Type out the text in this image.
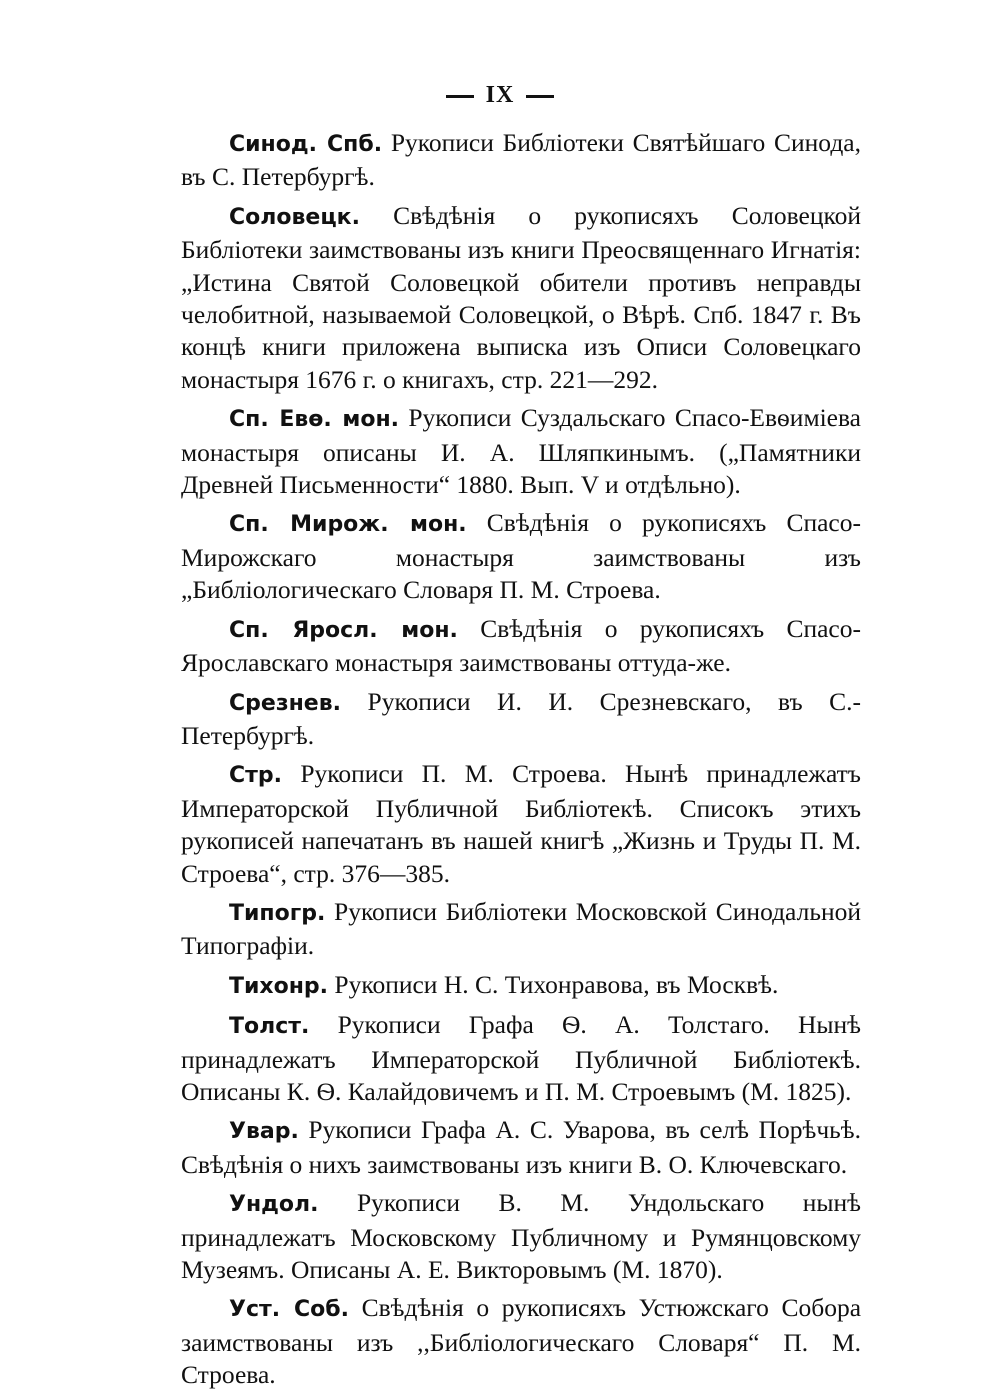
IX

Синод. Спб. Рукописи Библіотеки Святѣйшаго Синода, въ С. Петербургѣ.

Соловецк. Свѣдѣнія о рукописяхъ Соловецкой Библіотеки заимствованы изъ книги Преосвященнаго Игнатія: „Истина Святой Соловецкой обители противъ неправды челобитной, называемой Соловецкой, о Вѣрѣ. Спб. 1847 г. Въ концѣ книги приложена выписка изъ Описи Соловецкаго монастыря 1676 г. о книгахъ, стр. 221—292.

Сп. Евѳ. мон. Рукописи Суздальскаго Спасо-Евѳиміева монастыря описаны И. А. Шляпкинымъ. („Памятники Древней Письменности“ 1880. Вып. V и отдѣльно).

Сп. Мирож. мон. Свѣдѣнія о рукописяхъ Спасо-Мирожскаго монастыря заимствованы изъ „Библіологическаго Словаря П. М. Строева.

Сп. Яросл. мон. Свѣдѣнія о рукописяхъ Спасо-Ярославскаго монастыря заимствованы оттуда-же.

Срезнев. Рукописи И. И. Срезневскаго, въ С.-Петербургѣ.

Стр. Рукописи П. М. Строева. Нынѣ принадлежатъ Императорской Публичной Библіотекѣ. Списокъ этихъ рукописей напечатанъ въ нашей книгѣ „Жизнь и Труды П. М. Строева“, стр. 376—385.

Типогр. Рукописи Библіотеки Московской Синодальной Типографіи.

Тихонр. Рукописи Н. С. Тихонравова, въ Москвѣ.

Толст. Рукописи Графа Ѳ. А. Толстаго. Нынѣ принадлежатъ Императорской Публичной Библіотекѣ. Описаны К. Ѳ. Калайдовичемъ и П. М. Строевымъ (М. 1825).

Увар. Рукописи Графа А. С. Уварова, въ селѣ Порѣчьѣ. Свѣдѣнія о нихъ заимствованы изъ книги В. О. Ключевскаго.

Ундол. Рукописи В. М. Ундольскаго нынѣ принадлежатъ Московскому Публичному и Румянцовскому Музеямъ. Описаны А. Е. Викторовымъ (М. 1870).

Уст. Соб. Свѣдѣнія о рукописяхъ Устюжскаго Собора заимствованы изъ ,,Библіологическаго Словаря“ П. М. Строева.
